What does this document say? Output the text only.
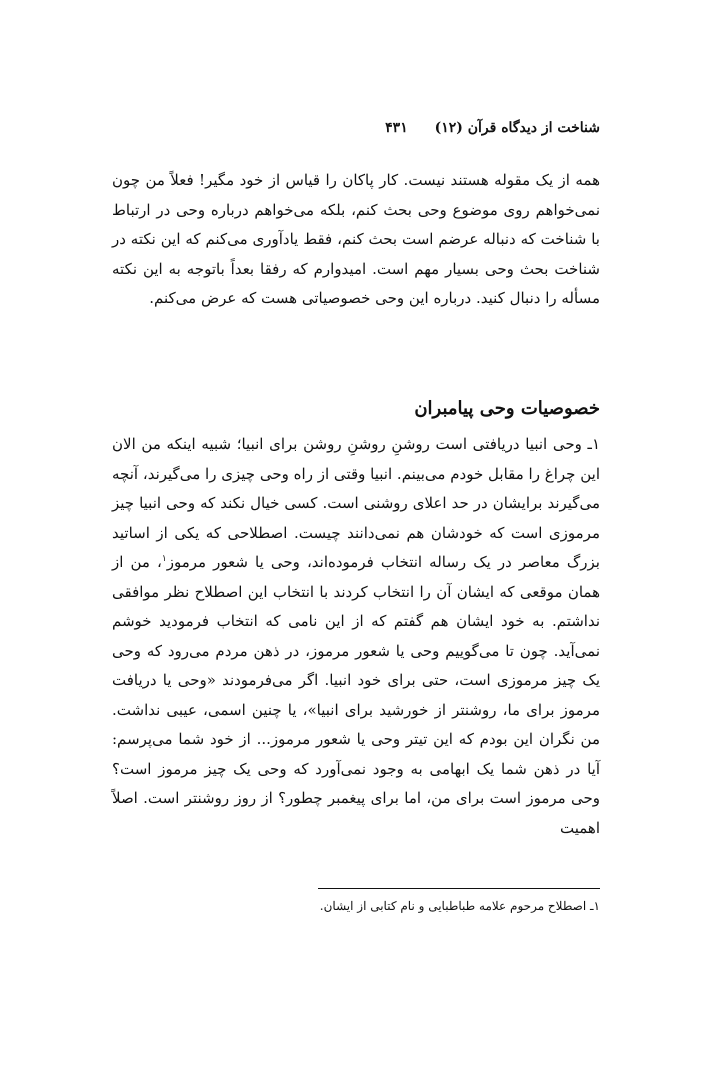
شناخت از دیدگاه قرآن (۱۲) ۴۳۱

همه از یک مقوله هستند نیست. کار پاکان را قیاس از خود مگیر! فعلاً من چون نمی‌خواهم روی موضوع وحی بحث کنم، بلکه می‌خواهم درباره وحی در ارتباط با شناخت که دنباله عرضم است بحث کنم، فقط یادآوری می‌کنم که این نکته در شناخت بحث وحی بسیار مهم است. امیدوارم که رفقا بعداً باتوجه به این نکته مسأله را دنبال کنید. درباره این وحی خصوصیاتی هست که عرض می‌کنم.

خصوصیات وحی پیامبران

۱ـ وحی انبیا دریافتی است روشنِ روشنِ روشن برای انبیا؛ شبیه اینکه من الان این چراغ را مقابل خودم می‌بینم. انبیا وقتی از راه وحی چیزی را می‌گیرند، آنچه می‌گیرند برایشان در حد اعلای روشنی است. کسی خیال نکند که وحی انبیا چیز مرموزی است که خودشان هم نمی‌دانند چیست. اصطلاحی که یکی از اساتید بزرگ معاصر در یک رساله انتخاب فرموده‌اند، وحی یا شعور مرموز$^۱$، من از همان موقعی که ایشان آن را انتخاب کردند با انتخاب این اصطلاح نظر موافقی نداشتم. به خود ایشان هم گفتم که از این نامی که انتخاب فرمودید خوشم نمی‌آید. چون تا می‌گوییم وحی یا شعور مرموز، در ذهن مردم می‌رود که وحی یک چیز مرموزی است، حتی برای خود انبیا. اگر می‌فرمودند «وحی یا دریافت مرموز برای ما، روشنتر از خورشید برای انبیا»، یا چنین اسمی، عیبی نداشت. من نگران این بودم که این تیتر وحی یا شعور مرموز... از خود شما می‌پرسم: آیا در ذهن شما یک ابهامی به وجود نمی‌آورد که وحی یک چیز مرموز است؟ وحی مرموز است برای من، اما برای پیغمبر چطور؟ از روز روشنتر است. اصلاً اهمیت

۱ـ اصطلاح مرحوم علامه طباطبایی و نام کتابی از ایشان.
